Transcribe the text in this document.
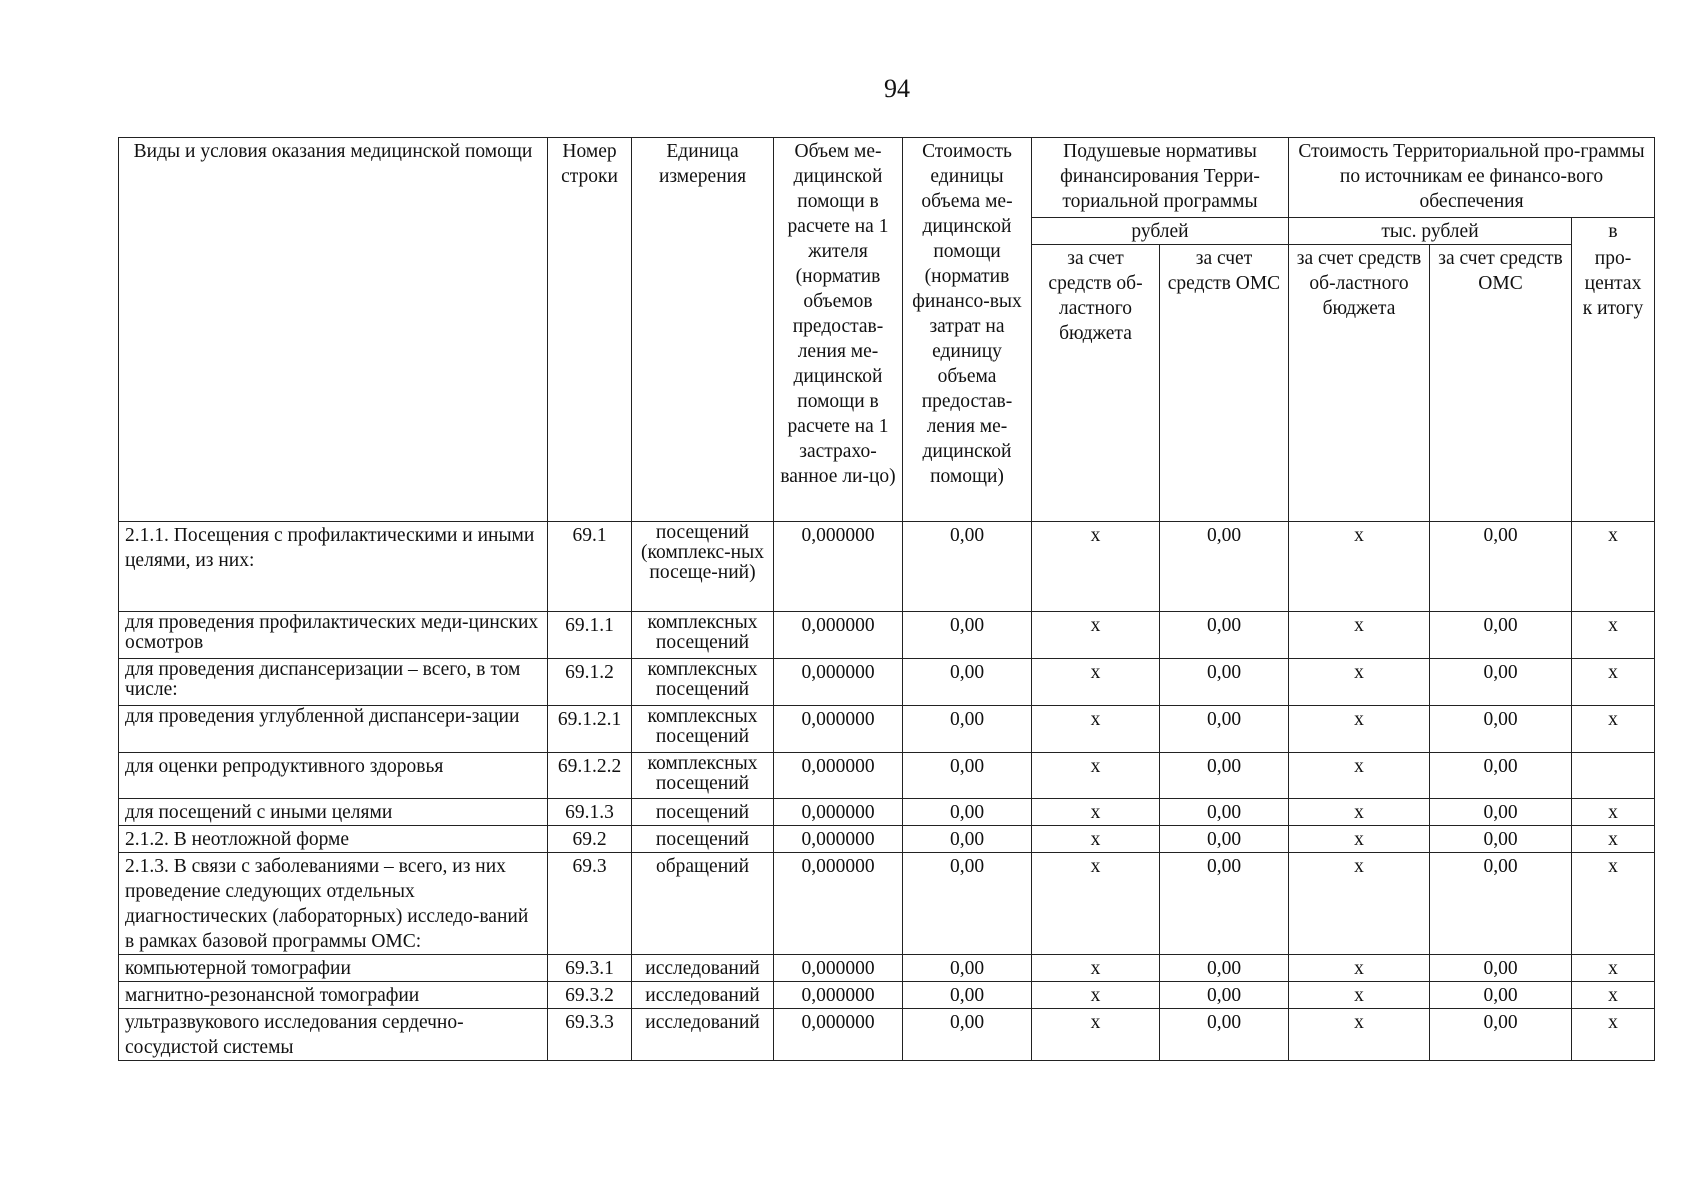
94
Виды и условия оказания медицинской помощи	Номер строки	Единица измерения	Объем ме-дицинской помощи в расчете на 1 жителя (норматив объемов предостав-ления ме-дицинской помощи в расчете на 1 застрахо-ванное ли-цо)	Стоимость единицы объема ме-дицинской помощи (норматив финансо-вых затрат на единицу объема предостав-ления ме-дицинской помощи)	Подушевые нормативы финансирования Терри-ториальной программы		Стоимость Территориальной про-граммы по источникам ее финансо-вого обеспечения		
					рублей		тыс. рублей		в
					за счет средств об-ластного бюджета	за счет средств ОМС	за счет средств об-ластного бюджета	за счет средств ОМС	про-центах к итогу

2.1.1. Посещения с профилактическими и иными целями, из них:	69.1	посещений (комплекс-ных посеще-ний)	0,000000	0,00	х	0,00	х	0,00	х
для проведения профилактических меди-цинских осмотров	69.1.1	комплексных посещений	0,000000	0,00	х	0,00	х	0,00	х
для проведения диспансеризации – всего, в том числе:	69.1.2	комплексных посещений	0,000000	0,00	х	0,00	х	0,00	х
для проведения углубленной диспансери-зации	69.1.2.1	комплексных посещений	0,000000	0,00	х	0,00	х	0,00	х
для оценки репродуктивного здоровья	69.1.2.2	комплексных посещений	0,000000	0,00	х	0,00	х	0,00	
для посещений с иными целями	69.1.3	посещений	0,000000	0,00	х	0,00	х	0,00	х
2.1.2. В неотложной форме	69.2	посещений	0,000000	0,00	х	0,00	х	0,00	х
2.1.3. В связи с заболеваниями – всего, из них проведение следующих отдельных диагностических (лабораторных) исследо-ваний в рамках базовой программы ОМС:	69.3	обращений	0,000000	0,00	х	0,00	х	0,00	х
компьютерной томографии	69.3.1	исследований	0,000000	0,00	х	0,00	х	0,00	х
магнитно-резонансной томографии	69.3.2	исследований	0,000000	0,00	х	0,00	х	0,00	х
ультразвукового исследования сердечно-сосудистой системы	69.3.3	исследований	0,000000	0,00	х	0,00	х	0,00	х
